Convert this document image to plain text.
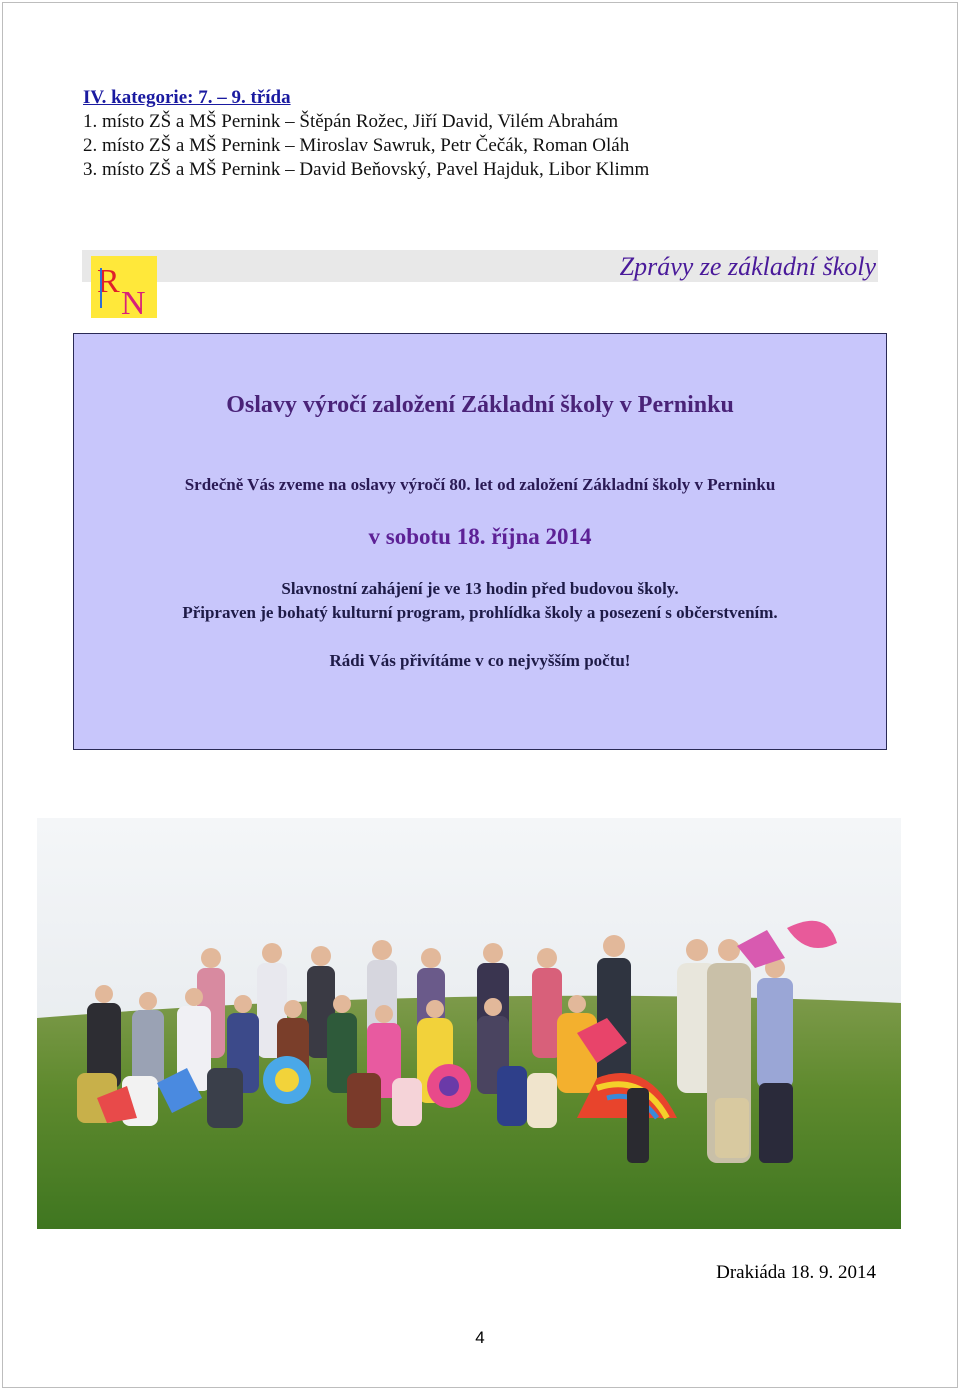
IV. kategorie: 7. – 9. třída
1. místo ZŠ a MŠ Pernink – Štěpán Rožec, Jiří David, Vilém Abrahám
2. místo ZŠ a MŠ Pernink – Miroslav Sawruk, Petr Čečák, Roman Oláh
3. místo ZŠ a MŠ Pernink – David Beňovský, Pavel Hajduk, Libor Klimm
R
N
Zprávy ze základní školy
Oslavy výročí založení Základní školy v Perninku
Srdečně Vás zveme na oslavy výročí 80. let od založení Základní školy v Perninku
v sobotu 18. října 2014
Slavnostní zahájení je ve 13 hodin před budovou školy.
Připraven je bohatý kulturní program, prohlídka školy a posezení s občerstvením.
Rádi Vás přivítáme v co nejvyšším počtu!
Drakiáda 18. 9. 2014
4
